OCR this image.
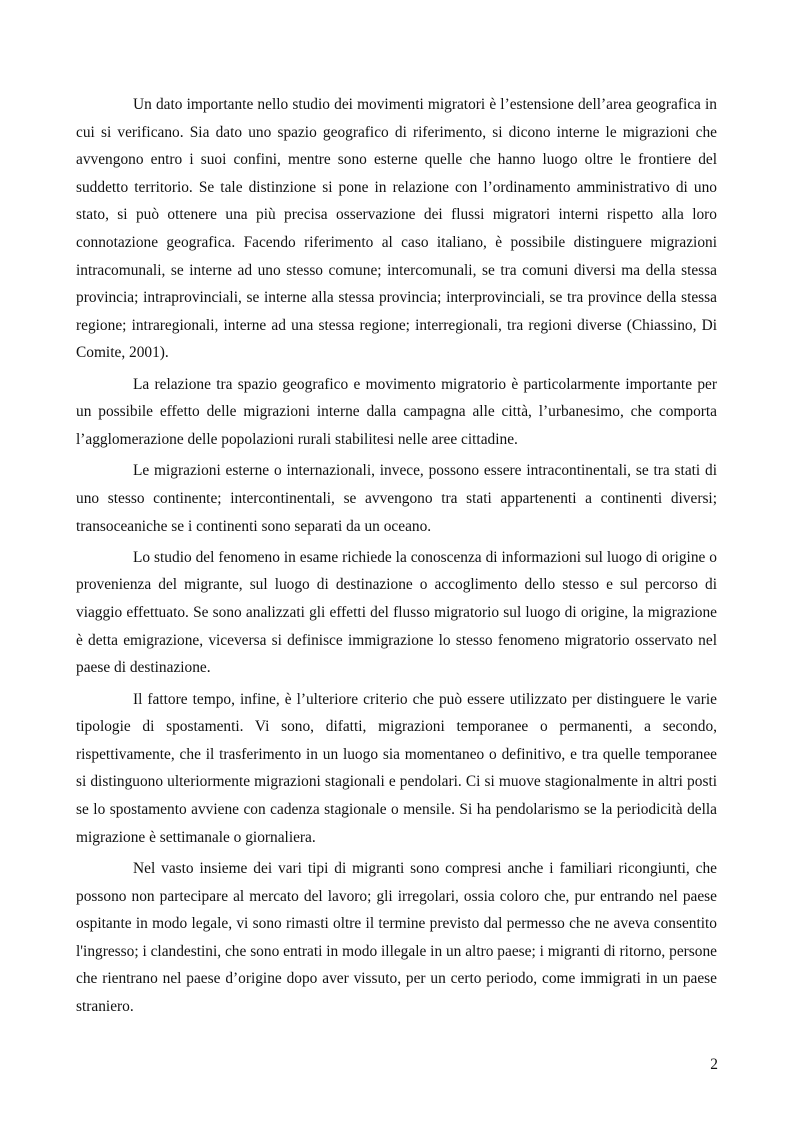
Un dato importante nello studio dei movimenti migratori è l’estensione dell’area geografica in cui si verificano. Sia dato uno spazio geografico di riferimento, si dicono interne le migrazioni che avvengono entro i suoi confini, mentre sono esterne quelle che hanno luogo oltre le frontiere del suddetto territorio. Se tale distinzione si pone in relazione con l’ordinamento amministrativo di uno stato, si può ottenere una più precisa osservazione dei flussi migratori interni rispetto alla loro connotazione geografica. Facendo riferimento al caso italiano, è possibile distinguere migrazioni intracomunali, se interne ad uno stesso comune; intercomunali, se tra comuni diversi ma della stessa provincia; intraprovinciali, se interne alla stessa provincia; interprovinciali, se tra province della stessa regione; intraregionali, interne ad una stessa regione; interregionali, tra regioni diverse (Chiassino, Di Comite, 2001).

La relazione tra spazio geografico e movimento migratorio è particolarmente importante per un possibile effetto delle migrazioni interne dalla campagna alle città, l’urbanesimo, che comporta l’agglomerazione delle popolazioni rurali stabilitesi nelle aree cittadine.

Le migrazioni esterne o internazionali, invece, possono essere intracontinentali, se tra stati di uno stesso continente; intercontinentali, se avvengono tra stati appartenenti a continenti diversi; transoceaniche se i continenti sono separati da un oceano.

Lo studio del fenomeno in esame richiede la conoscenza di informazioni sul luogo di origine o provenienza del migrante, sul luogo di destinazione o accoglimento dello stesso e sul percorso di viaggio effettuato. Se sono analizzati gli effetti del flusso migratorio sul luogo di origine, la migrazione è detta emigrazione, viceversa si definisce immigrazione lo stesso fenomeno migratorio osservato nel paese di destinazione.

Il fattore tempo, infine, è l’ulteriore criterio che può essere utilizzato per distinguere le varie tipologie di spostamenti. Vi sono, difatti, migrazioni temporanee o permanenti, a secondo, rispettivamente, che il trasferimento in un luogo sia momentaneo o definitivo, e tra quelle temporanee si distinguono ulteriormente migrazioni stagionali e pendolari. Ci si muove stagionalmente in altri posti se lo spostamento avviene con cadenza stagionale o mensile. Si ha pendolarismo se la periodicità della migrazione è settimanale o giornaliera.

Nel vasto insieme dei vari tipi di migranti sono compresi anche i familiari ricongiunti, che possono non partecipare al mercato del lavoro; gli irregolari, ossia coloro che, pur entrando nel paese ospitante in modo legale, vi sono rimasti oltre il termine previsto dal permesso che ne aveva consentito l'ingresso; i clandestini, che sono entrati in modo illegale in un altro paese; i migranti di ritorno, persone che rientrano nel paese d’origine dopo aver vissuto, per un certo periodo, come immigrati in un paese straniero.

2
